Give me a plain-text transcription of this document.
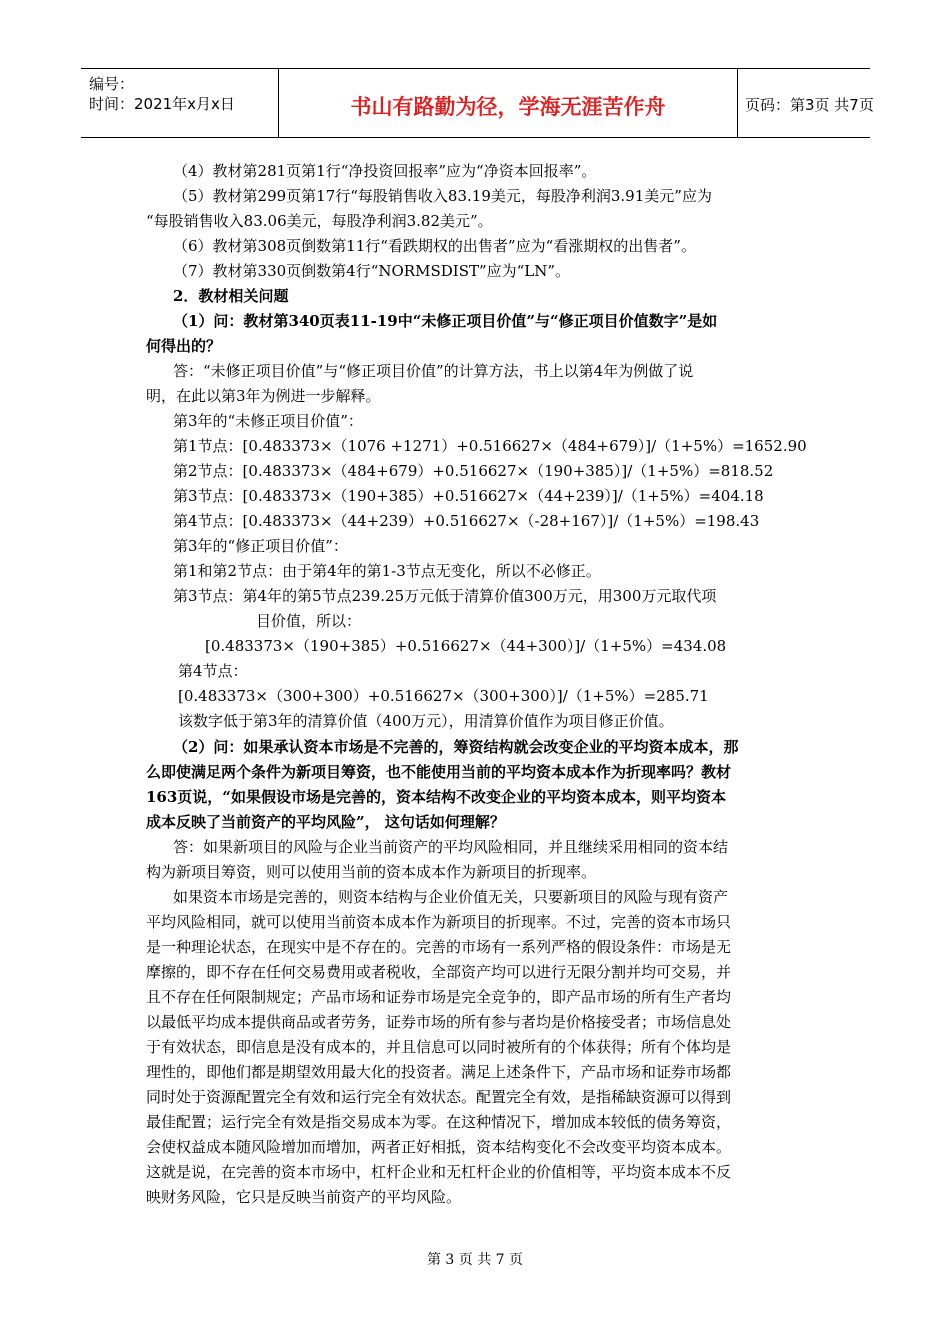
编号：
时间：2021年x月x日	书山有路勤为径，学海无涯苦作舟	页码：第3页 共7页
（4）教材第281页第1行“净投资回报率”应为“净资本回报率”。
（5）教材第299页第17行“每股销售收入83.19美元，每股净利润3.91美元”应为
“每股销售收入83.06美元，每股净利润3.82美元”。
（6）教材第308页倒数第11行“看跌期权的出售者”应为“看涨期权的出售者”。
（7）教材第330页倒数第4行“NORMSDIST”应为“LN”。
2．教材相关问题
（1）问：教材第340页表11-19中“未修正项目价值”与“修正项目价值数字”是如
何得出的？
答：“未修正项目价值”与“修正项目价值”的计算方法，书上以第4年为例做了说
明，在此以第3年为例进一步解释。
第3年的“未修正项目价值”：
第1节点：[0.483373×（1076 +1271）+0.516627×（484+679）]/（1+5%）=1652.90
第2节点：[0.483373×（484+679）+0.516627×（190+385）]/（1+5%）=818.52
第3节点：[0.483373×（190+385）+0.516627×（44+239）]/（1+5%）=404.18
第4节点：[0.483373×（44+239）+0.516627×（-28+167）]/（1+5%）=198.43
第3年的“修正项目价值”：
第1和第2节点：由于第4年的第1-3节点无变化，所以不必修正。
第3节点：第4年的第5节点239.25万元低于清算价值300万元，用300万元取代项
目价值，所以：
[0.483373×（190+385）+0.516627×（44+300）]/（1+5%）=434.08
第4节点：
[0.483373×（300+300）+0.516627×（300+300）]/（1+5%）=285.71
该数字低于第3年的清算价值（400万元），用清算价值作为项目修正价值。
（2）问：如果承认资本市场是不完善的，筹资结构就会改变企业的平均资本成本，那
么即使满足两个条件为新项目筹资，也不能使用当前的平均资本成本作为折现率吗？教材
163页说，“如果假设市场是完善的，资本结构不改变企业的平均资本成本，则平均资本
成本反映了当前资产的平均风险”， 这句话如何理解？
答：如果新项目的风险与企业当前资产的平均风险相同，并且继续采用相同的资本结
构为新项目筹资，则可以使用当前的资本成本作为新项目的折现率。
如果资本市场是完善的，则资本结构与企业价值无关，只要新项目的风险与现有资产
平均风险相同，就可以使用当前资本成本作为新项目的折现率。不过，完善的资本市场只
是一种理论状态，在现实中是不存在的。完善的市场有一系列严格的假设条件：市场是无
摩擦的，即不存在任何交易费用或者税收，全部资产均可以进行无限分割并均可交易，并
且不存在任何限制规定；产品市场和证券市场是完全竞争的，即产品市场的所有生产者均
以最低平均成本提供商品或者劳务，证券市场的所有参与者均是价格接受者；市场信息处
于有效状态，即信息是没有成本的，并且信息可以同时被所有的个体获得；所有个体均是
理性的，即他们都是期望效用最大化的投资者。满足上述条件下，产品市场和证券市场都
同时处于资源配置完全有效和运行完全有效状态。配置完全有效，是指稀缺资源可以得到
最佳配置；运行完全有效是指交易成本为零。在这种情况下，增加成本较低的债务筹资，
会使权益成本随风险增加而增加，两者正好相抵，资本结构变化不会改变平均资本成本。
这就是说，在完善的资本市场中，杠杆企业和无杠杆企业的价值相等，平均资本成本不反
映财务风险，它只是反映当前资产的平均风险。
第 3 页 共 7 页
